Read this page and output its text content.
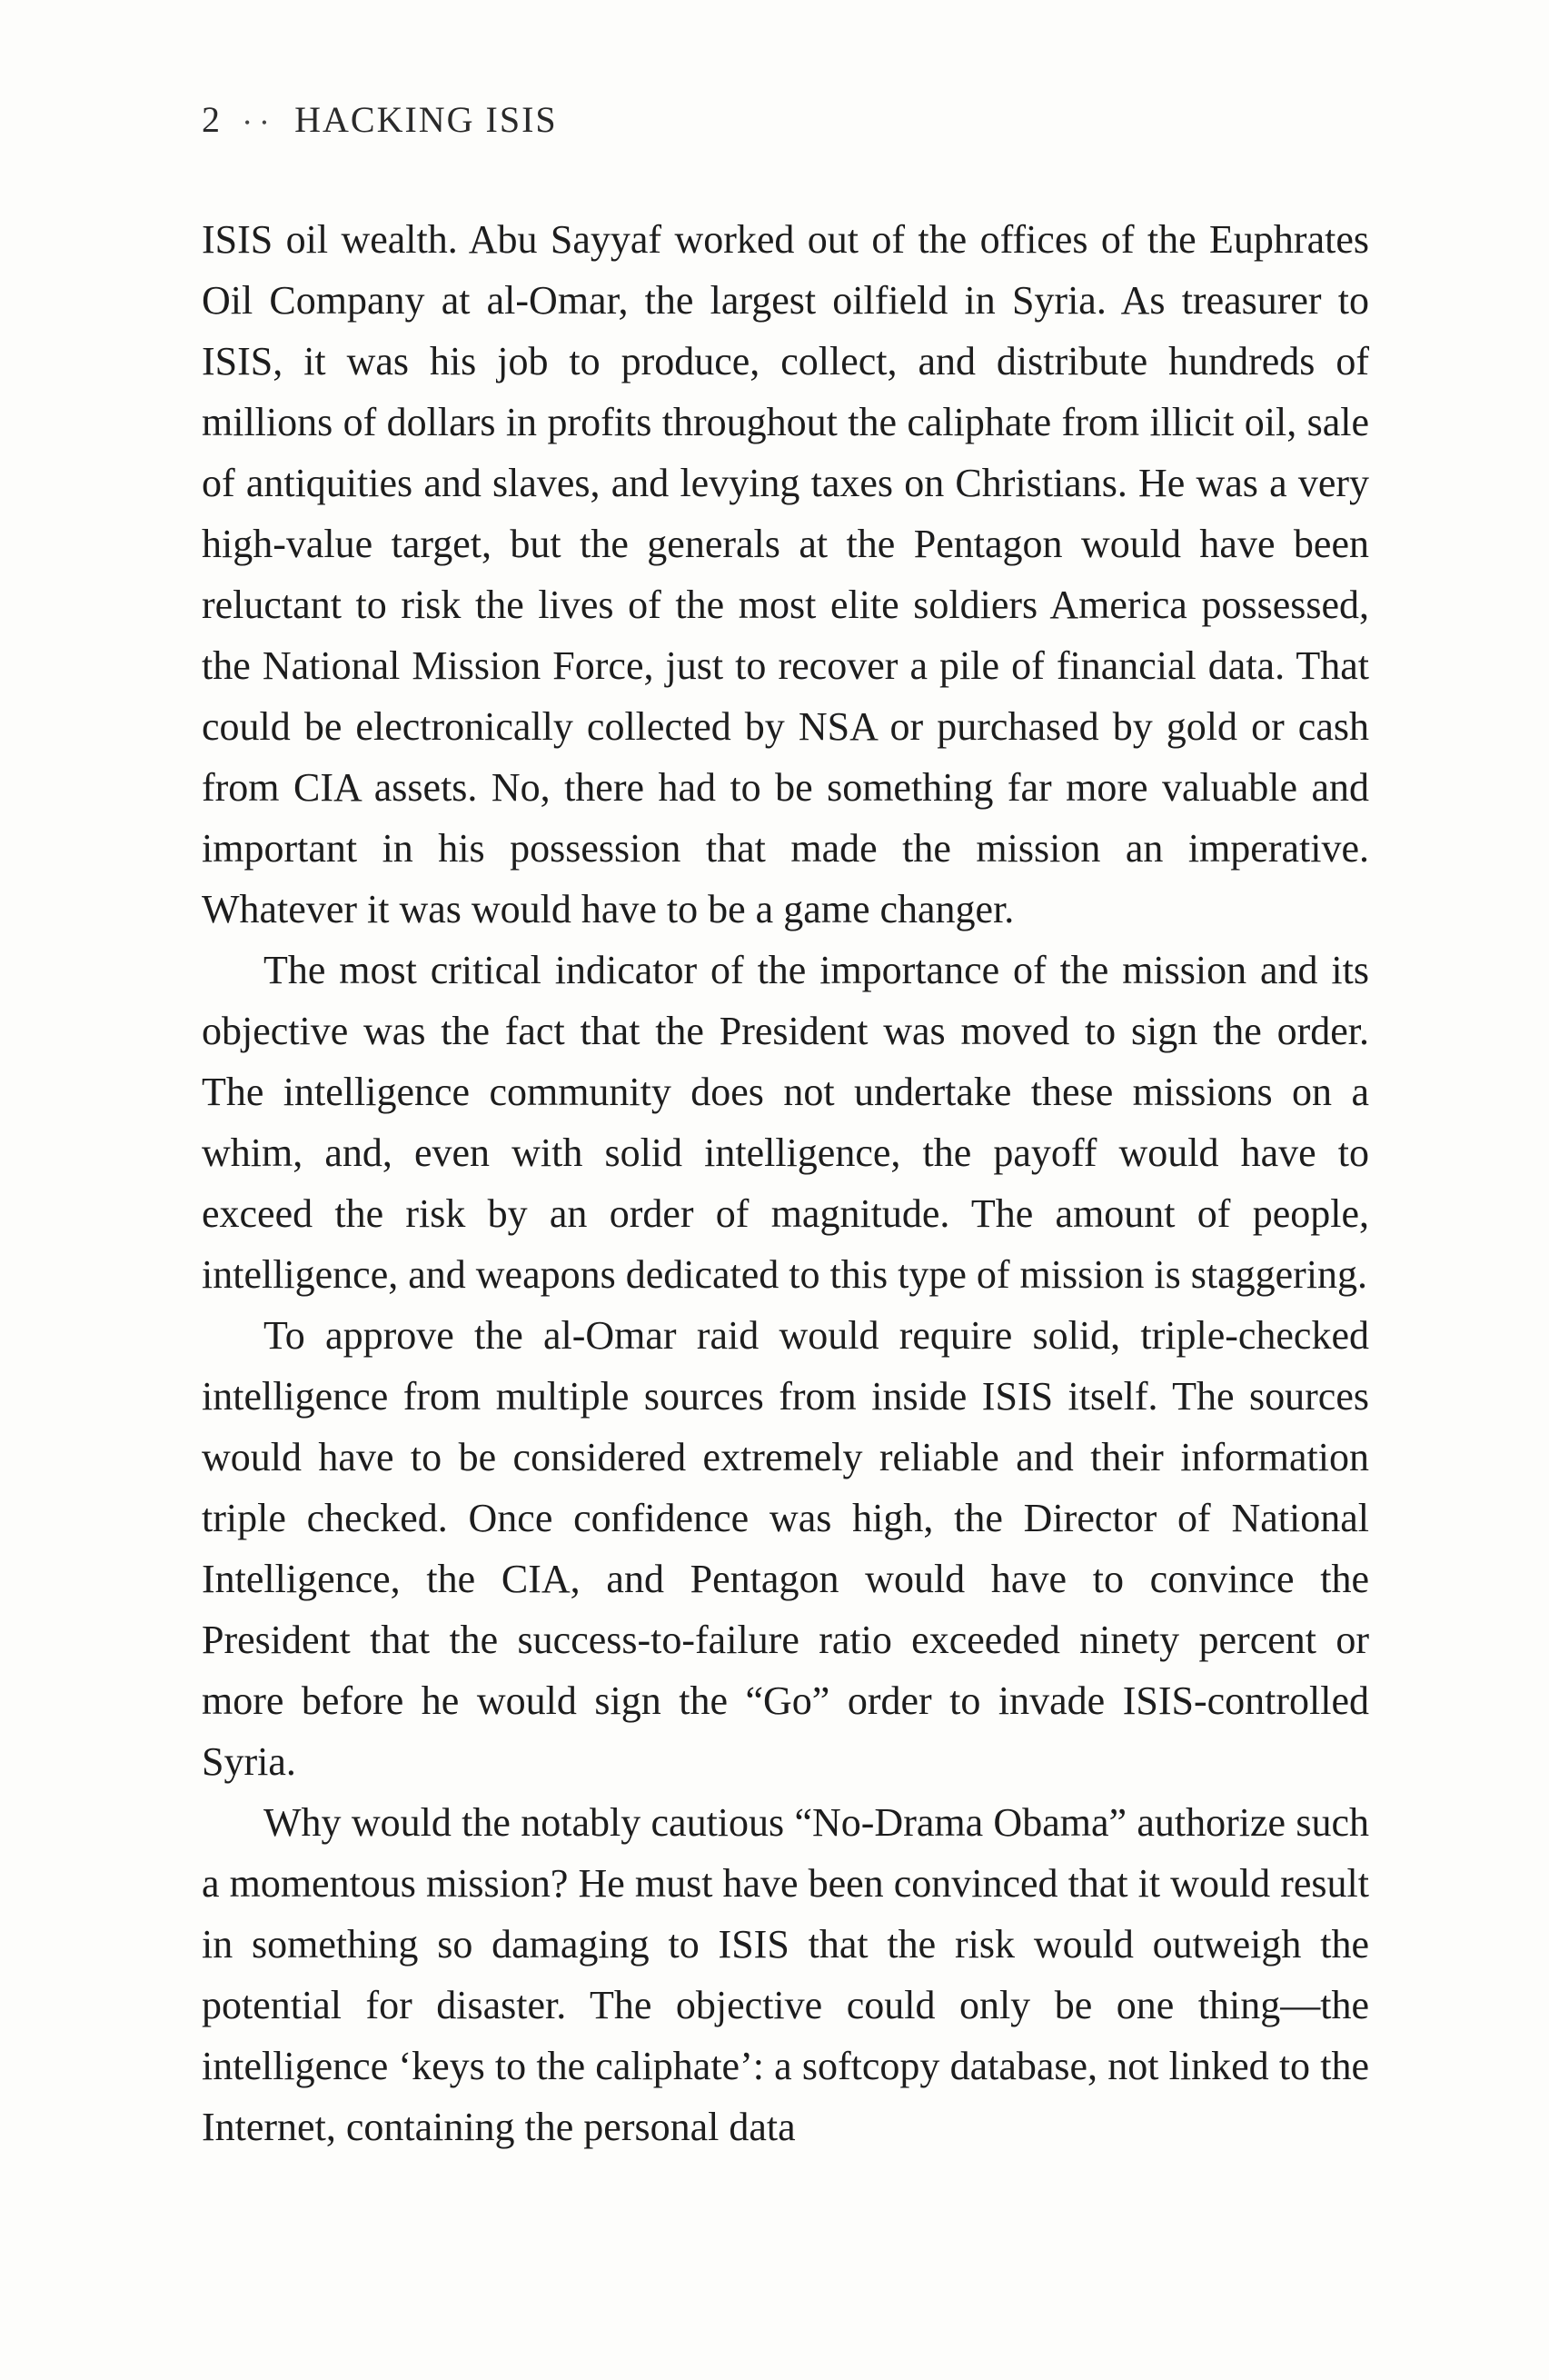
2 • • HACKING ISIS

ISIS oil wealth. Abu Sayyaf worked out of the offices of the Euphrates Oil Company at al-Omar, the largest oilfield in Syria. As treasurer to ISIS, it was his job to produce, collect, and distribute hundreds of millions of dollars in profits throughout the caliphate from illicit oil, sale of antiquities and slaves, and levying taxes on Christians. He was a very high-value target, but the generals at the Pentagon would have been reluctant to risk the lives of the most elite soldiers America possessed, the National Mission Force, just to recover a pile of financial data. That could be electronically collected by NSA or purchased by gold or cash from CIA assets. No, there had to be something far more valuable and important in his possession that made the mission an imperative. Whatever it was would have to be a game changer.

The most critical indicator of the importance of the mission and its objective was the fact that the President was moved to sign the order. The intelligence community does not undertake these missions on a whim, and, even with solid intelligence, the payoff would have to exceed the risk by an order of magnitude. The amount of people, intelligence, and weapons dedicated to this type of mission is staggering.

To approve the al-Omar raid would require solid, triple-checked intelligence from multiple sources from inside ISIS itself. The sources would have to be considered extremely reliable and their information triple checked. Once confidence was high, the Director of National Intelligence, the CIA, and Pentagon would have to convince the President that the success-to-failure ratio exceeded ninety percent or more before he would sign the “Go” order to invade ISIS-controlled Syria.

Why would the notably cautious “No-Drama Obama” authorize such a momentous mission? He must have been convinced that it would result in something so damaging to ISIS that the risk would outweigh the potential for disaster. The objective could only be one thing—the intelligence ‘keys to the caliphate’: a softcopy database, not linked to the Internet, containing the personal data
